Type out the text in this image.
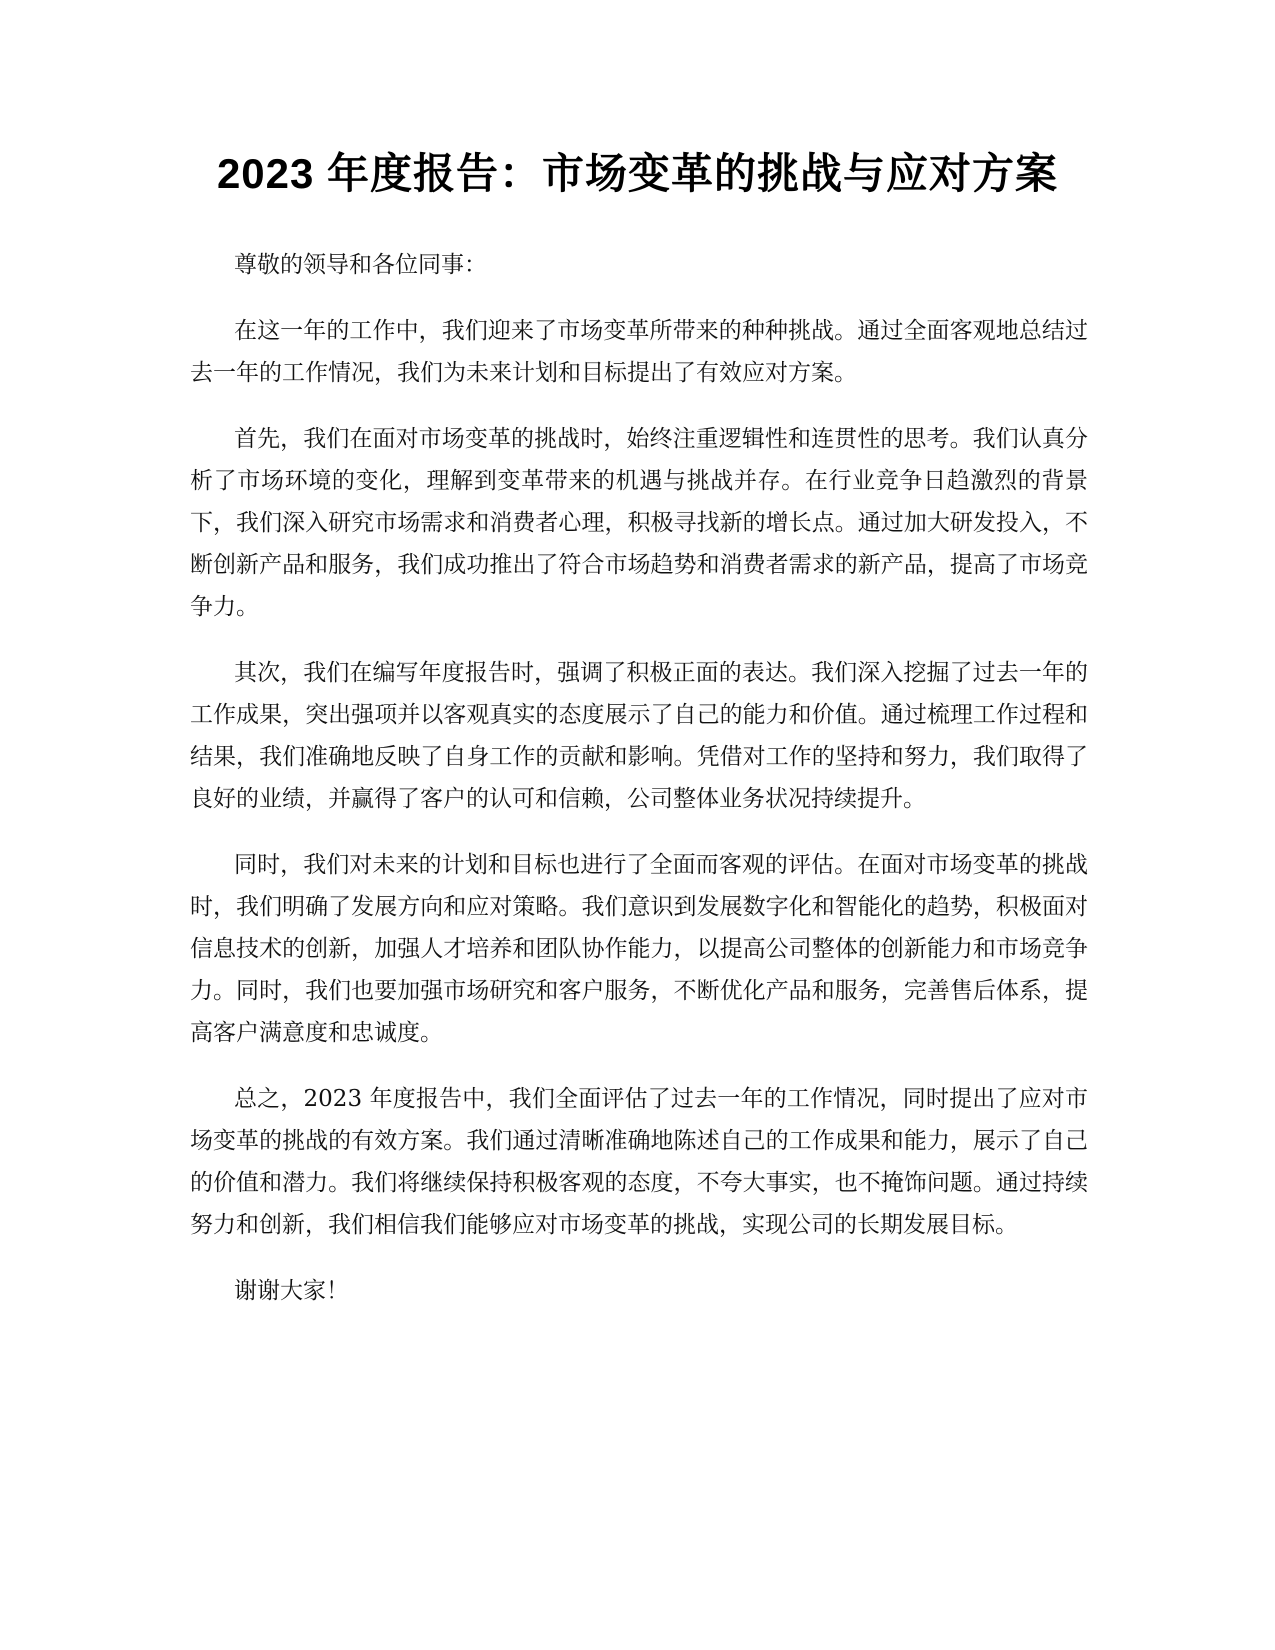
2023 年度报告：市场变革的挑战与应对方案

尊敬的领导和各位同事：

在这一年的工作中，我们迎来了市场变革所带来的种种挑战。通过全面客观地总结过去一年的工作情况，我们为未来计划和目标提出了有效应对方案。

首先，我们在面对市场变革的挑战时，始终注重逻辑性和连贯性的思考。我们认真分析了市场环境的变化，理解到变革带来的机遇与挑战并存。在行业竞争日趋激烈的背景下，我们深入研究市场需求和消费者心理，积极寻找新的增长点。通过加大研发投入，不断创新产品和服务，我们成功推出了符合市场趋势和消费者需求的新产品，提高了市场竞争力。

其次，我们在编写年度报告时，强调了积极正面的表达。我们深入挖掘了过去一年的工作成果，突出强项并以客观真实的态度展示了自己的能力和价值。通过梳理工作过程和结果，我们准确地反映了自身工作的贡献和影响。凭借对工作的坚持和努力，我们取得了良好的业绩，并赢得了客户的认可和信赖，公司整体业务状况持续提升。

同时，我们对未来的计划和目标也进行了全面而客观的评估。在面对市场变革的挑战时，我们明确了发展方向和应对策略。我们意识到发展数字化和智能化的趋势，积极面对信息技术的创新，加强人才培养和团队协作能力，以提高公司整体的创新能力和市场竞争力。同时，我们也要加强市场研究和客户服务，不断优化产品和服务，完善售后体系，提高客户满意度和忠诚度。

总之，2023 年度报告中，我们全面评估了过去一年的工作情况，同时提出了应对市场变革的挑战的有效方案。我们通过清晰准确地陈述自己的工作成果和能力，展示了自己的价值和潜力。我们将继续保持积极客观的态度，不夸大事实，也不掩饰问题。通过持续努力和创新，我们相信我们能够应对市场变革的挑战，实现公司的长期发展目标。

谢谢大家！
